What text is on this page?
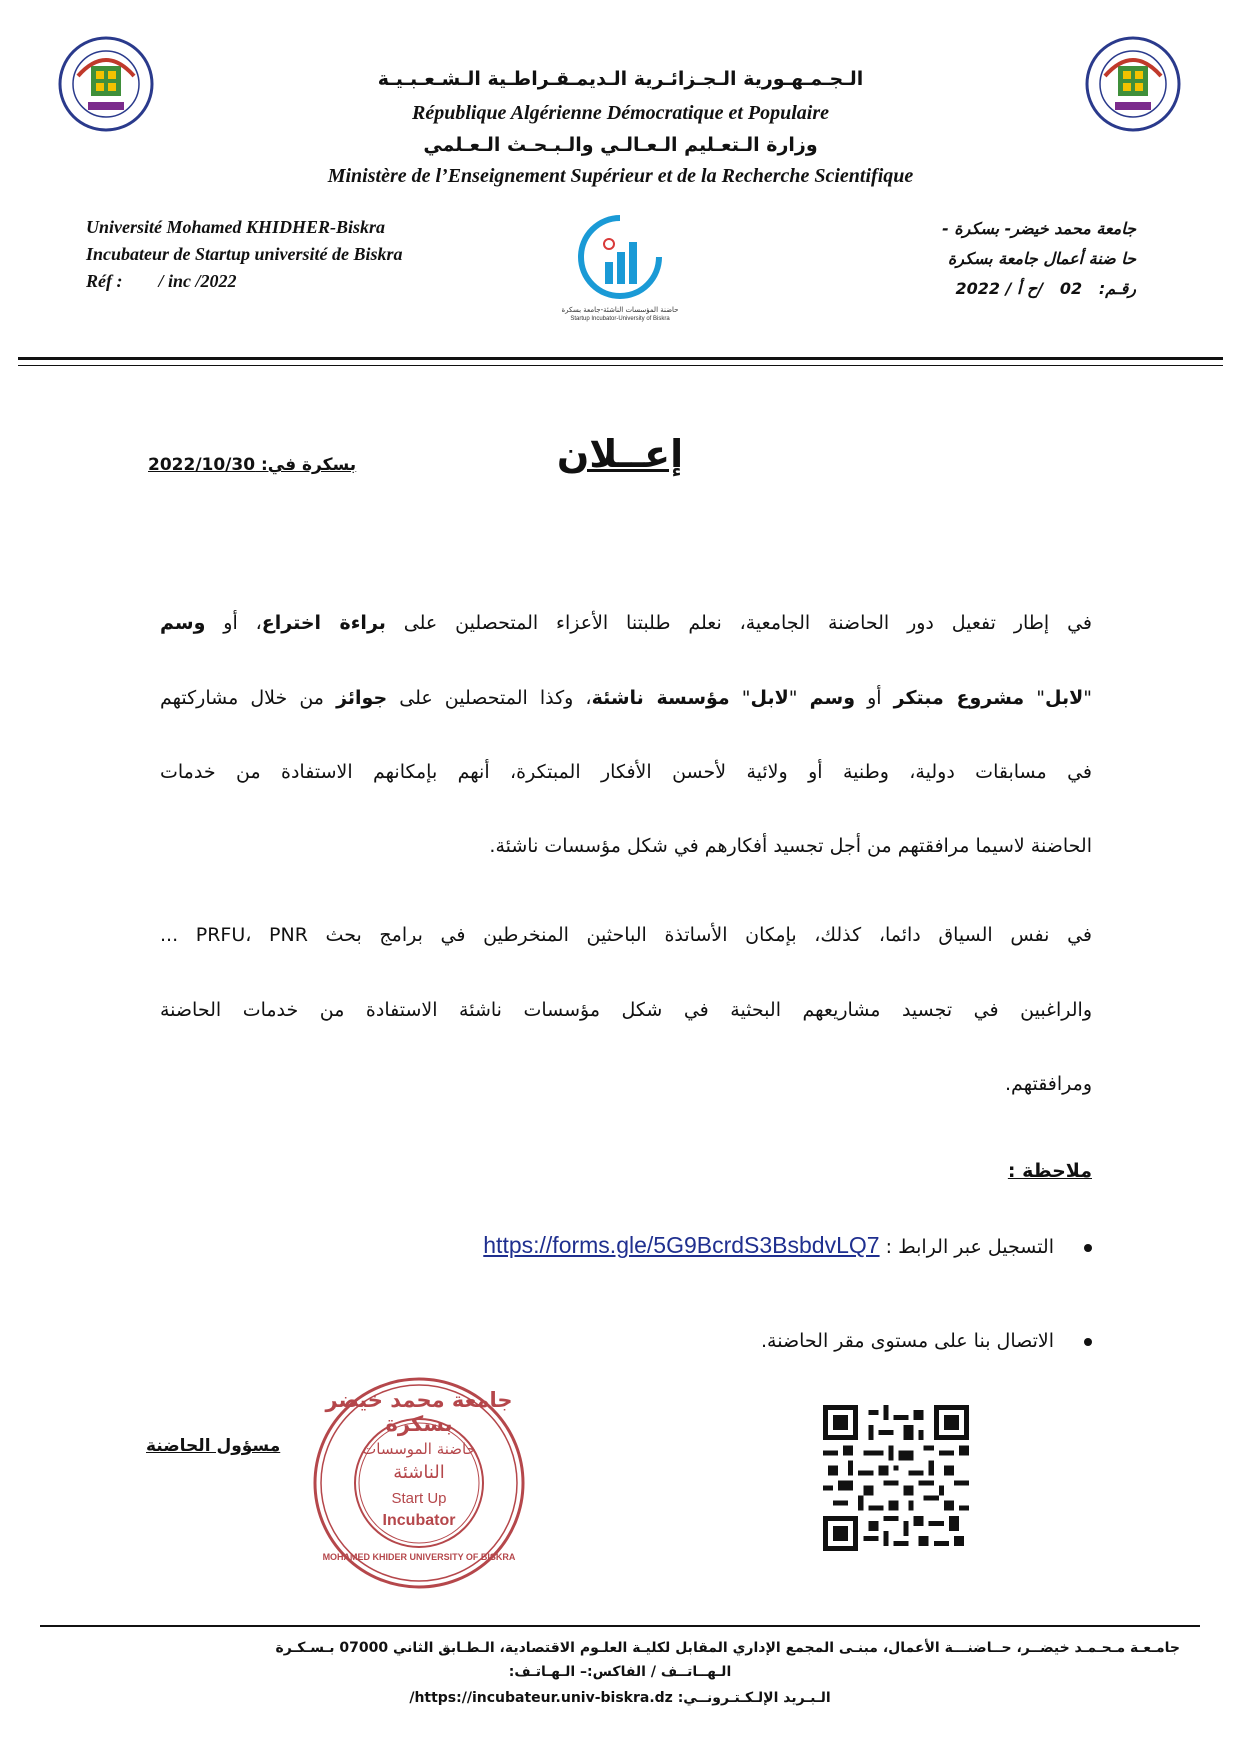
الـجـمـهـورية الـجـزائـرية الـديمـقـراطـية الـشـعـبـيـة
République Algérienne Démocratique et Populaire
وزارة الـتعـليم الـعـالـي والـبـحـث الـعـلمي
Ministère de l’Enseignement Supérieur et de la Recherche Scientifique
Université Mohamed KHIDHER-Biskra
Incubateur de Startup université de Biskra
Réf :        / inc /2022
حاضنة المؤسسات الناشئة-جامعة بسكرة
Startup Incubator-University of Biskra
جامعة محمد خيضر- بسكرة -
حا ضنة أعمال جامعة بسكرة
رقـم:   02   /ح أ / 2022
إعــلان
بسكرة في: 2022/10/30
في إطار تفعيل دور الحاضنة الجامعية، نعلم طلبتنا الأعزاء المتحصلين على براءة اختراع، أو وسم
"لابل" مشروع مبتكر أو وسم "لابل" مؤسسة ناشئة، وكذا المتحصلين على جوائز من خلال مشاركتهم
في مسابقات دولية، وطنية أو ولائية لأحسن الأفكار المبتكرة، أنهم بإمكانهم الاستفادة من خدمات
الحاضنة لاسيما مرافقتهم من أجل تجسيد أفكارهم في شكل مؤسسات ناشئة.
في نفس السياق دائما، كذلك، بإمكان الأساتذة الباحثين المنخرطين في برامج بحث PRFU، PNR ...
والراغبين في تجسيد مشاريعهم البحثية في شكل مؤسسات ناشئة الاستفادة من خدمات الحاضنة
ومرافقتهم.
ملاحظة :
التسجيل عبر الرابط : https://forms.gle/5G9BcrdS3BsbdvLQ7
الاتصال بنا على مستوى مقر الحاضنة.
جامعة محمد خيضر بسكرة
MOHAMED KHIDER UNIVERSITY OF BISKRA
حاضنة الموسسات
الناشئة
Start Up
Incubator
مسؤول الحاضنة
جامـعـة مـحـمـد خيضــر، حــاضنـــة الأعمال، مبنـى المجمع الإداري المقابل لكليـة العلـوم الاقتصادية، الـطـابق الثاني 07000 بـسـكـرة
الـهــاتــف / الفاكس:– الـهـاتـف:
الـبـريد الإلـكـتـرونــي: https://incubateur.univ-biskra.dz/
